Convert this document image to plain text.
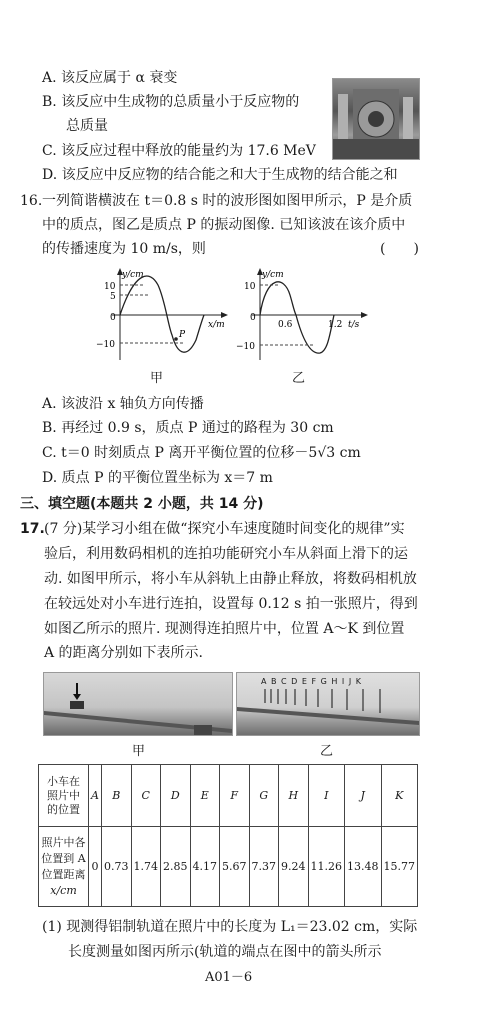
A. 该反应属于 α 衰变
B. 该反应中生成物的总质量小于反应物的
总质量
C. 该反应过程中释放的能量约为 17.6 MeV
D. 该反应中反应物的结合能之和大于生成物的结合能之和
16. 一列简谐横波在 t＝0.8 s 时的波形图如图甲所示，P 是介质
中的质点，图乙是质点 P 的振动图像. 已知该波在该介质中
的传播速度为 10 m/s，则	(　　)
y/cm
x/m
10
5
0
−10
P
甲
y/cm
t/s
10
0
−10
0.6	1.2
乙
A. 该波沿 x 轴负方向传播
B. 再经过 0.9 s，质点 P 通过的路程为 30 cm
C. t＝0 时刻质点 P 离开平衡位置的位移－5√3 cm
D. 质点 P 的平衡位置坐标为 x＝7 m
三、填空题(本题共 2 小题，共 14 分)
17. (7 分)某学习小组在做“探究小车速度随时间变化的规律”实
验后，利用数码相机的连拍功能研究小车从斜面上滑下的运
动. 如图甲所示，将小车从斜轨上由静止释放，将数码相机放
在较远处对小车进行连拍，设置每 0.12 s 拍一张照片，得到
如图乙所示的照片. 现测得连拍照片中，位置 A～K 到位置
A 的距离分别如下表所示.
甲
A B C D E F G H I J K
乙
小车在
照片中
的位置	A	B	C	D	E	F	G	H	I	J	K
照片中各
位置到 A
位置距离
x/cm	0	0.73	1.74	2.85	4.17	5.67	7.37	9.24	11.26	13.48	15.77
(1) 现测得铝制轨道在照片中的长度为 L₁＝23.02 cm，实际
长度测量如图丙所示(轨道的端点在图中的箭头所示
A01－6
